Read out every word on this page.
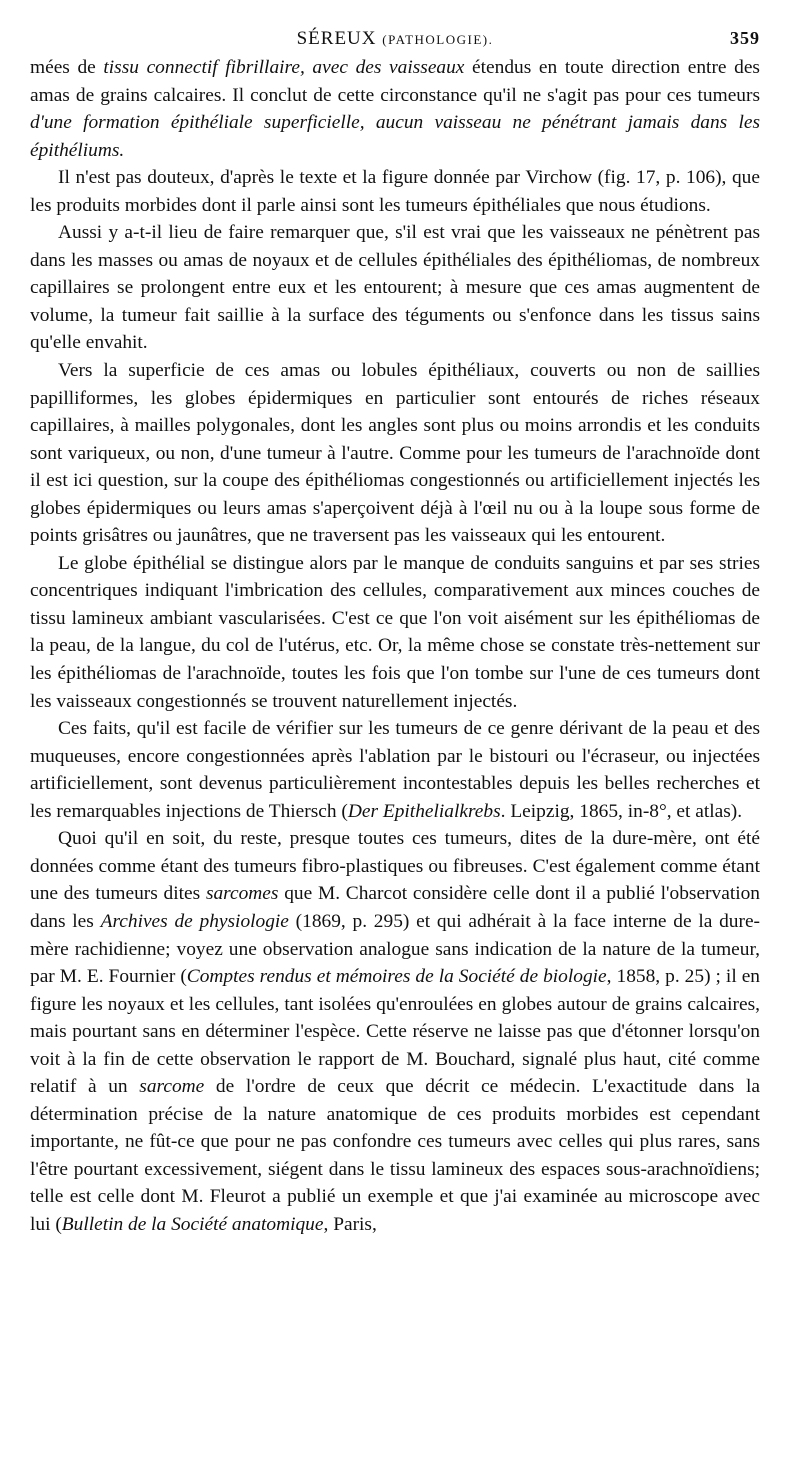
SÉREUX (PATHOLOGIE).	359

mées de tissu connectif fibrillaire, avec des vaisseaux étendus en toute direction entre des amas de grains calcaires. Il conclut de cette circonstance qu'il ne s'agit pas pour ces tumeurs d'une formation épithéliale superficielle, aucun vaisseau ne pénétrant jamais dans les épithéliums.

Il n'est pas douteux, d'après le texte et la figure donnée par Virchow (fig. 17, p. 106), que les produits morbides dont il parle ainsi sont les tumeurs épithéliales que nous étudions.

Aussi y a-t-il lieu de faire remarquer que, s'il est vrai que les vaisseaux ne pénètrent pas dans les masses ou amas de noyaux et de cellules épithéliales des épithéliomas, de nombreux capillaires se prolongent entre eux et les entourent; à mesure que ces amas augmentent de volume, la tumeur fait saillie à la surface des téguments ou s'enfonce dans les tissus sains qu'elle envahit.

Vers la superficie de ces amas ou lobules épithéliaux, couverts ou non de saillies papilliformes, les globes épidermiques en particulier sont entourés de riches réseaux capillaires, à mailles polygonales, dont les angles sont plus ou moins arrondis et les conduits sont variqueux, ou non, d'une tumeur à l'autre. Comme pour les tumeurs de l'arachnoïde dont il est ici question, sur la coupe des épithéliomas congestionnés ou artificiellement injectés les globes épidermiques ou leurs amas s'aperçoivent déjà à l'œil nu ou à la loupe sous forme de points grisâtres ou jaunâtres, que ne traversent pas les vaisseaux qui les entourent.

Le globe épithélial se distingue alors par le manque de conduits sanguins et par ses stries concentriques indiquant l'imbrication des cellules, comparativement aux minces couches de tissu lamineux ambiant vascularisées. C'est ce que l'on voit aisément sur les épithéliomas de la peau, de la langue, du col de l'utérus, etc. Or, la même chose se constate très-nettement sur les épithéliomas de l'arachnoïde, toutes les fois que l'on tombe sur l'une de ces tumeurs dont les vaisseaux congestionnés se trouvent naturellement injectés.

Ces faits, qu'il est facile de vérifier sur les tumeurs de ce genre dérivant de la peau et des muqueuses, encore congestionnées après l'ablation par le bistouri ou l'écraseur, ou injectées artificiellement, sont devenus particulièrement incontestables depuis les belles recherches et les remarquables injections de Thiersch (Der Epithelialkrebs. Leipzig, 1865, in-8°, et atlas).

Quoi qu'il en soit, du reste, presque toutes ces tumeurs, dites de la dure-mère, ont été données comme étant des tumeurs fibro-plastiques ou fibreuses. C'est également comme étant une des tumeurs dites sarcomes que M. Charcot considère celle dont il a publié l'observation dans les Archives de physiologie (1869, p. 295) et qui adhérait à la face interne de la dure-mère rachidienne; voyez une observation analogue sans indication de la nature de la tumeur, par M. E. Fournier (Comptes rendus et mémoires de la Société de biologie, 1858, p. 25) ; il en figure les noyaux et les cellules, tant isolées qu'enroulées en globes autour de grains calcaires, mais pourtant sans en déterminer l'espèce. Cette réserve ne laisse pas que d'étonner lorsqu'on voit à la fin de cette observation le rapport de M. Bouchard, signalé plus haut, cité comme relatif à un sarcome de l'ordre de ceux que décrit ce médecin. L'exactitude dans la détermination précise de la nature anatomique de ces produits morbides est cependant importante, ne fût-ce que pour ne pas confondre ces tumeurs avec celles qui plus rares, sans l'être pourtant excessivement, siégent dans le tissu lamineux des espaces sous-arachnoïdiens; telle est celle dont M. Fleurot a publié un exemple et que j'ai examinée au microscope avec lui (Bulletin de la Société anatomique, Paris,
